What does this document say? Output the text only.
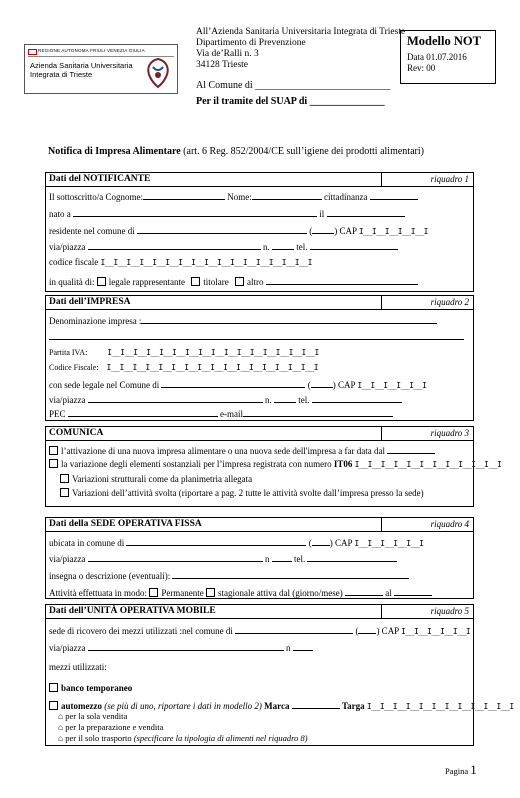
REGIONE AUTONOMA FRIULI VENEZIA GIULIA
Azienda Sanitaria Universitaria
Integrata di Trieste
All’Azienda Sanitaria Universitaria Integrata di Trieste
Dipartimento di Prevenzione
Via de’Ralli n. 3
34128 Trieste
Modello NOT
Data 01.07.2016
Rev: 00
Al Comune di ___________________________
Per il tramite del SUAP di _______________
Notifica di Impresa Alimentare (art. 6 Reg. 852/2004/CE sull’igiene dei prodotti alimentari)
Dati del NOTIFICANTE	riquadro 1
Il sottoscritto/a Cognome:	Nome:	cittadinanza
nato a	il
residente nel comune di	( ) CAP I__I__I__I__I__I
via/piazza	n.	tel.
codice fiscale I__I__I__I__I__I__I__I__I__I__I__I__I__I__I__I__I
in qualità di: legale rappresentante titolare altro
Dati dell’IMPRESA	riquadro 2
Denominazione impresa :
Partita IVA:	I__I__I__I__I__I__I__I__I__I__I__I__I__I__I__I__I
Codice Fiscale: I__I__I__I__I__I__I__I__I__I__I__I__I__I__I__I__I
con sede legale nel Comune di	( ) CAP I__I__I__I__I__I
via/piazza	n.	tel.
PEC	e-mail
COMUNICA	riquadro 3
l’attivazione di una nuova impresa alimentare o una nuova sede dell'impresa a far data dal
la variazione degli elementi sostanziali per l’impresa registrata con numero IT06 I__I__I__I__I__I__I__I__I__I__I__I
Variazioni strutturali come da planimetria allegata
Variazioni dell’attività svolta (riportare a pag. 2 tutte le attività svolte dall’impresa presso la sede)
Dati della SEDE OPERATIVA FISSA	riquadro 4
ubicata in comune di	( ) CAP I__I__I__I__I__I
via/piazza	n	tel.
insegna o descrizione (eventuali):
Attività effettuata in modo: Permanente stagionale attiva dal (giorno/mese)	al
Dati dell’UNITÀ OPERATIVA MOBILE	riquadro 5
sede di ricovero dei mezzi utilizzati :nel comune di	( ) CAP I__I__I__I__I__I
via/piazza	n
mezzi utilizzati:
banco temporaneo
automezzo (se più di uno, riportare i dati in modello 2) Marca	Targa I__I__I__I__I__I__I__I__I__I__I__I
⌂ per la sola vendita
⌂ per la preparazione e vendita
⌂ per il solo trasporto (specificare la tipologia di alimenti nel riquadro 8)
Pagina 1
